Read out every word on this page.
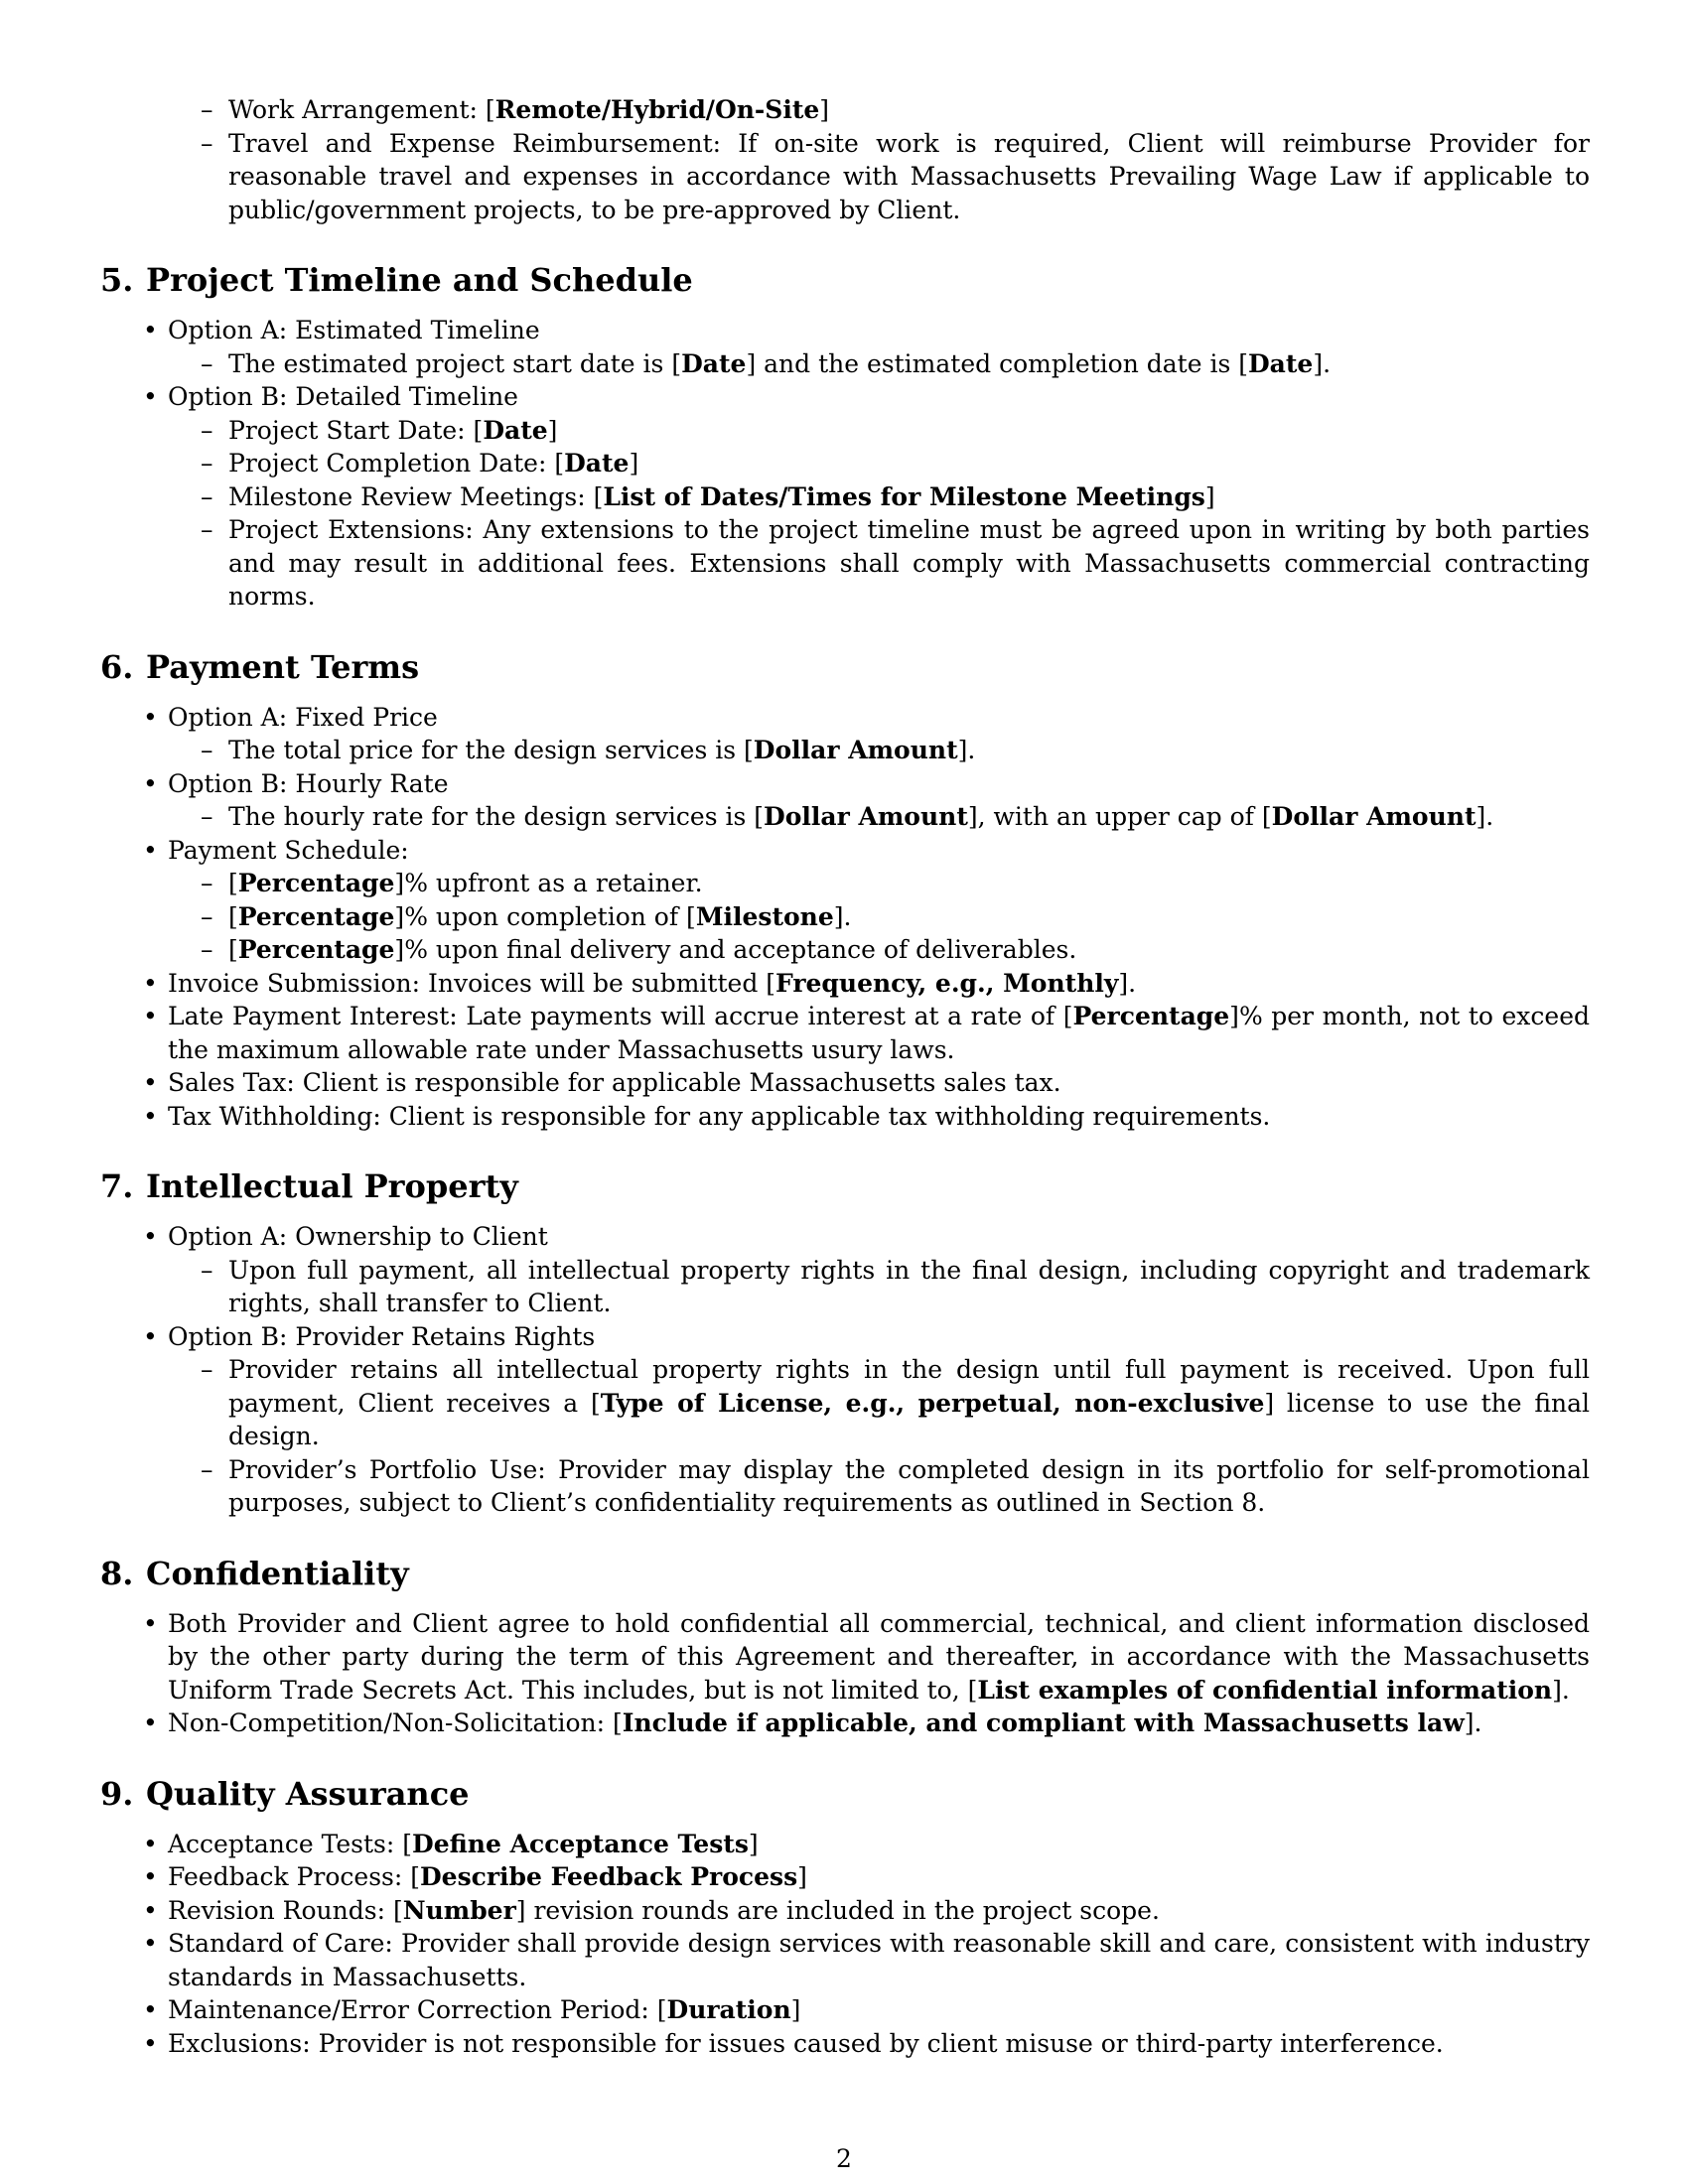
– Work Arrangement: [Remote/Hybrid/On-Site]
– Travel and Expense Reimbursement: If on-site work is required, Client will reimburse Provider for reasonable travel and expenses in accordance with Massachusetts Prevailing Wage Law if applicable to public/government projects, to be pre-approved by Client.
5. Project Timeline and Schedule
• Option A: Estimated Timeline
– The estimated project start date is [Date] and the estimated completion date is [Date].
• Option B: Detailed Timeline
– Project Start Date: [Date]
– Project Completion Date: [Date]
– Milestone Review Meetings: [List of Dates/Times for Milestone Meetings]
– Project Extensions: Any extensions to the project timeline must be agreed upon in writing by both parties and may result in additional fees. Extensions shall comply with Massachusetts commercial contracting norms.
6. Payment Terms
• Option A: Fixed Price
– The total price for the design services is [Dollar Amount].
• Option B: Hourly Rate
– The hourly rate for the design services is [Dollar Amount], with an upper cap of [Dollar Amount].
• Payment Schedule:
– [Percentage]% upfront as a retainer.
– [Percentage]% upon completion of [Milestone].
– [Percentage]% upon final delivery and acceptance of deliverables.
• Invoice Submission: Invoices will be submitted [Frequency, e.g., Monthly].
• Late Payment Interest: Late payments will accrue interest at a rate of [Percentage]% per month, not to exceed the maximum allowable rate under Massachusetts usury laws.
• Sales Tax: Client is responsible for applicable Massachusetts sales tax.
• Tax Withholding: Client is responsible for any applicable tax withholding requirements.
7. Intellectual Property
• Option A: Ownership to Client
– Upon full payment, all intellectual property rights in the final design, including copyright and trademark rights, shall transfer to Client.
• Option B: Provider Retains Rights
– Provider retains all intellectual property rights in the design until full payment is received. Upon full payment, Client receives a [Type of License, e.g., perpetual, non-exclusive] license to use the final design.
– Provider’s Portfolio Use: Provider may display the completed design in its portfolio for self-promotional purposes, subject to Client’s confidentiality requirements as outlined in Section 8.
8. Confidentiality
• Both Provider and Client agree to hold confidential all commercial, technical, and client information disclosed by the other party during the term of this Agreement and thereafter, in accordance with the Massachusetts Uniform Trade Secrets Act. This includes, but is not limited to, [List examples of confidential information].
• Non-Competition/Non-Solicitation: [Include if applicable, and compliant with Massachusetts law].
9. Quality Assurance
• Acceptance Tests: [Define Acceptance Tests]
• Feedback Process: [Describe Feedback Process]
• Revision Rounds: [Number] revision rounds are included in the project scope.
• Standard of Care: Provider shall provide design services with reasonable skill and care, consistent with industry standards in Massachusetts.
• Maintenance/Error Correction Period: [Duration]
• Exclusions: Provider is not responsible for issues caused by client misuse or third-party interference.
2
